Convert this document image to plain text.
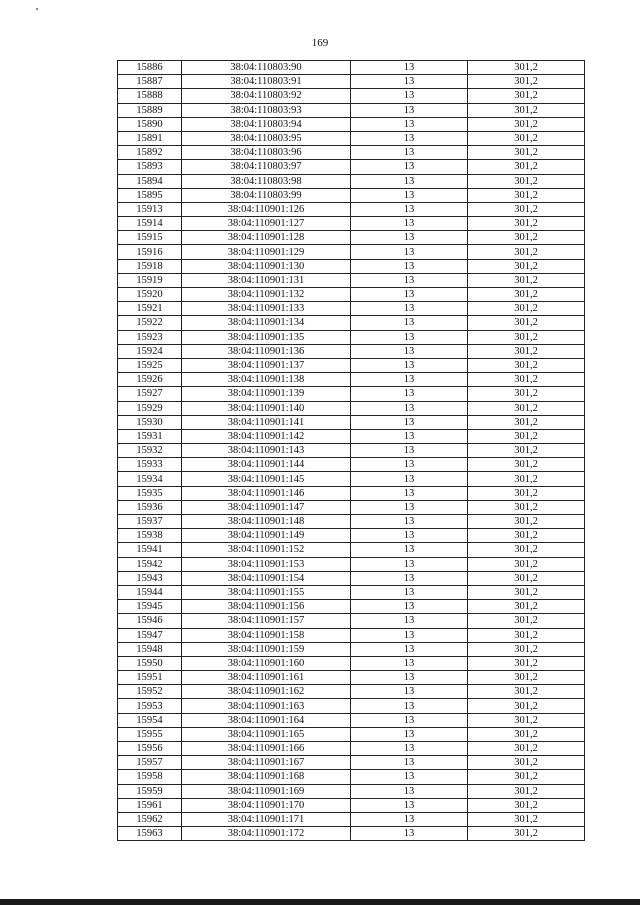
169
15886	38:04:110803:90	13	301,2
15887	38:04:110803:91	13	301,2
15888	38:04:110803:92	13	301,2
15889	38:04:110803:93	13	301,2
15890	38:04:110803:94	13	301,2
15891	38:04:110803:95	13	301,2
15892	38:04:110803:96	13	301,2
15893	38:04:110803:97	13	301,2
15894	38:04:110803:98	13	301,2
15895	38:04:110803:99	13	301,2
15913	38:04:110901:126	13	301,2
15914	38:04:110901:127	13	301,2
15915	38:04:110901:128	13	301,2
15916	38:04:110901:129	13	301,2
15918	38:04:110901:130	13	301,2
15919	38:04:110901:131	13	301,2
15920	38:04:110901:132	13	301,2
15921	38:04:110901:133	13	301,2
15922	38:04:110901:134	13	301,2
15923	38:04:110901:135	13	301,2
15924	38:04:110901:136	13	301,2
15925	38:04:110901:137	13	301,2
15926	38:04:110901:138	13	301,2
15927	38:04:110901:139	13	301,2
15929	38:04:110901:140	13	301,2
15930	38:04:110901:141	13	301,2
15931	38:04:110901:142	13	301,2
15932	38:04:110901:143	13	301,2
15933	38:04:110901:144	13	301,2
15934	38:04:110901:145	13	301,2
15935	38:04:110901:146	13	301,2
15936	38:04:110901:147	13	301,2
15937	38:04:110901:148	13	301,2
15938	38:04:110901:149	13	301,2
15941	38:04:110901:152	13	301,2
15942	38:04:110901:153	13	301,2
15943	38:04:110901:154	13	301,2
15944	38:04:110901:155	13	301,2
15945	38:04:110901:156	13	301,2
15946	38:04:110901:157	13	301,2
15947	38:04:110901:158	13	301,2
15948	38:04:110901:159	13	301,2
15950	38:04:110901:160	13	301,2
15951	38:04:110901:161	13	301,2
15952	38:04:110901:162	13	301,2
15953	38:04:110901:163	13	301,2
15954	38:04:110901:164	13	301,2
15955	38:04:110901:165	13	301,2
15956	38:04:110901:166	13	301,2
15957	38:04:110901:167	13	301,2
15958	38:04:110901:168	13	301,2
15959	38:04:110901:169	13	301,2
15961	38:04:110901:170	13	301,2
15962	38:04:110901:171	13	301,2
15963	38:04:110901:172	13	301,2
